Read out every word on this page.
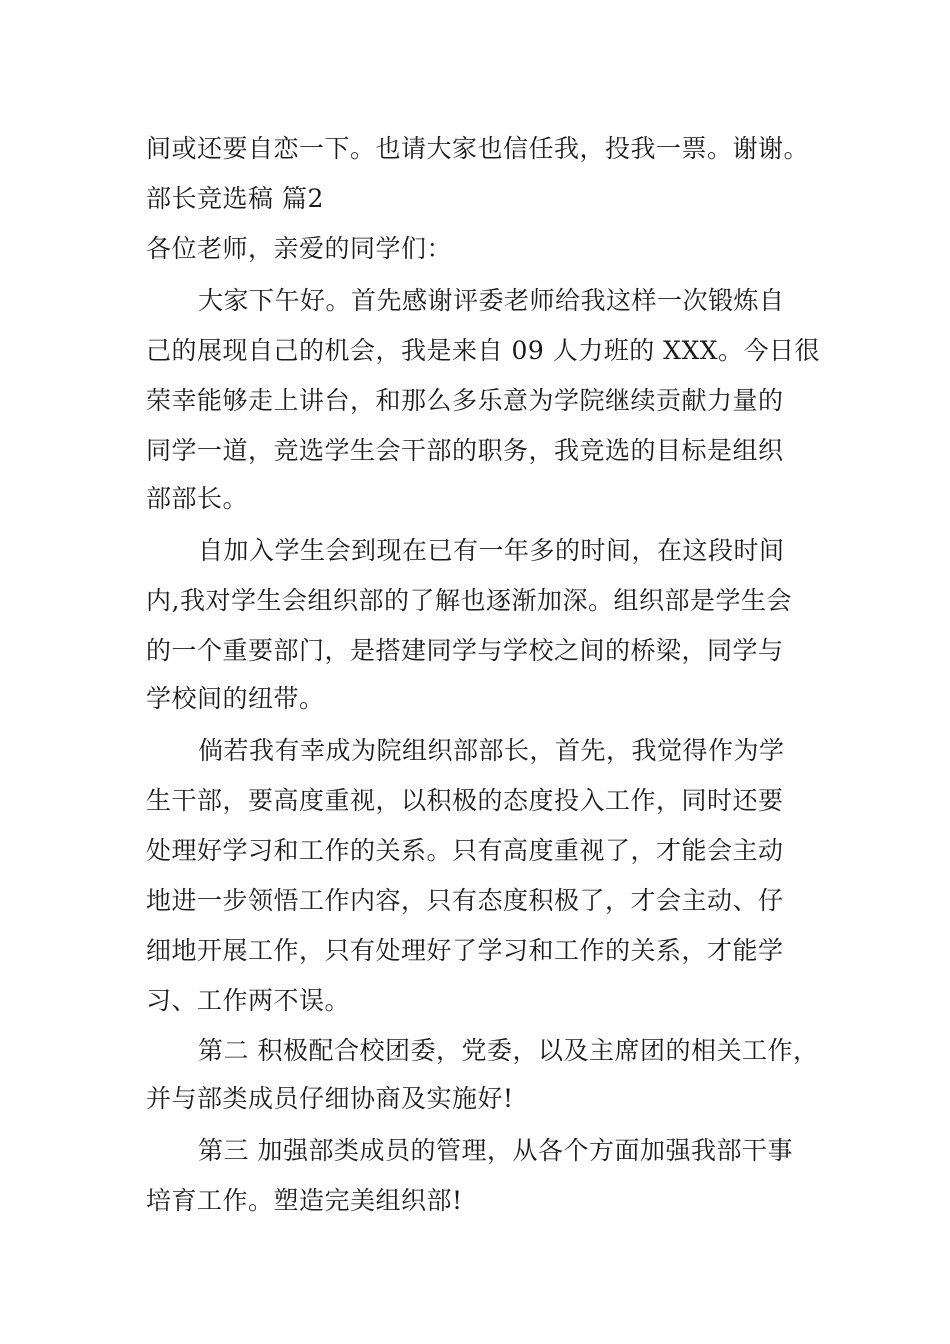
间或还要自恋一下。也请大家也信任我，投我一票。谢谢。
部长竞选稿 篇2
各位老师，亲爱的同学们：
大家下午好。首先感谢评委老师给我这样一次锻炼自
己的展现自己的机会，我是来自 09 人力班的 XXX。今日很
荣幸能够走上讲台，和那么多乐意为学院继续贡献力量的
同学一道，竞选学生会干部的职务，我竞选的目标是组织
部部长。
自加入学生会到现在已有一年多的时间，在这段时间
内,我对学生会组织部的了解也逐渐加深。组织部是学生会
的一个重要部门，是搭建同学与学校之间的桥梁，同学与
学校间的纽带。
倘若我有幸成为院组织部部长，首先，我觉得作为学
生干部，要高度重视，以积极的态度投入工作，同时还要
处理好学习和工作的关系。只有高度重视了，才能会主动
地进一步领悟工作内容，只有态度积极了，才会主动、仔
细地开展工作，只有处理好了学习和工作的关系，才能学
习、工作两不误。
第二 积极配合校团委，党委，以及主席团的相关工作，
并与部类成员仔细协商及实施好!
第三 加强部类成员的管理，从各个方面加强我部干事
培育工作。塑造完美组织部!
